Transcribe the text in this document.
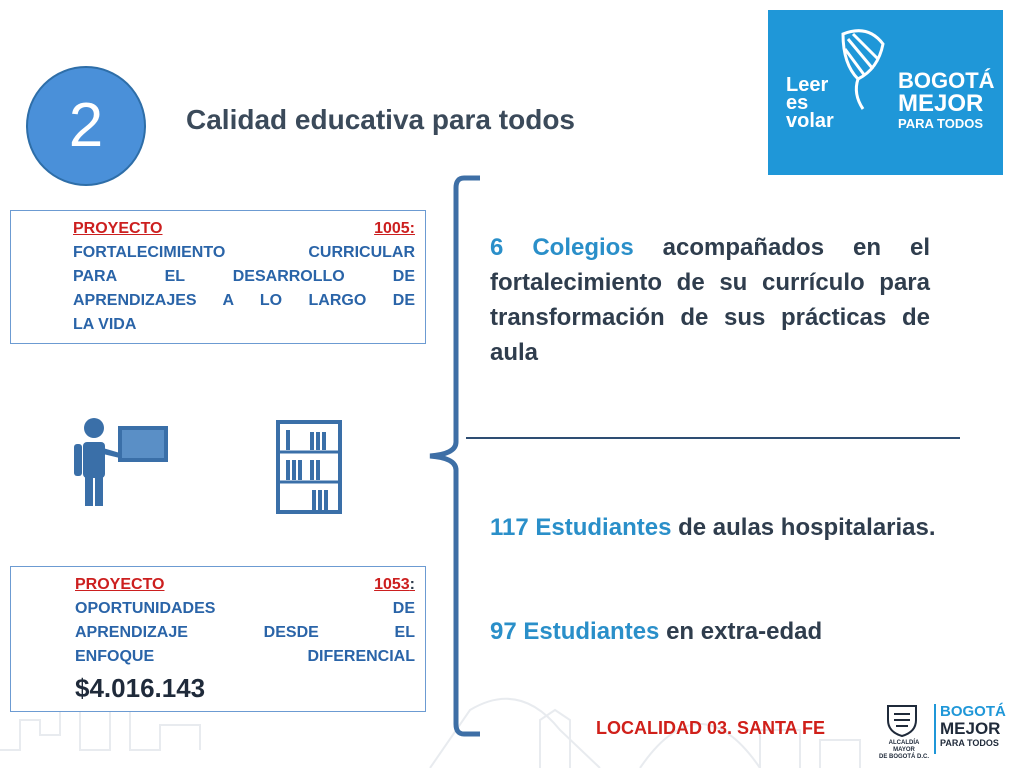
2	Calidad educativa para todos
Leer
es
volar
BOGOTÁ
MEJOR
PARA TODOS
PROYECTO	1005:
FORTALECIMIENTO CURRICULAR
PARA EL DESARROLLO DE
APRENDIZAJES A LO LARGO DE
LA VIDA
6 Colegios acompañados en el fortalecimiento de su currículo para transformación de sus prácticas de aula
117 Estudiantes de aulas hospitalarias.
97 Estudiantes en extra-edad
PROYECTO	1053:
OPORTUNIDADES DE
APRENDIZAJE DESDE EL
ENFOQUE DIFERENCIAL
$4.016.143
LOCALIDAD 03. SANTA FE
ALCALDÍA MAYOR
DE BOGOTÁ D.C.
BOGOTÁ
MEJOR
PARA TODOS
